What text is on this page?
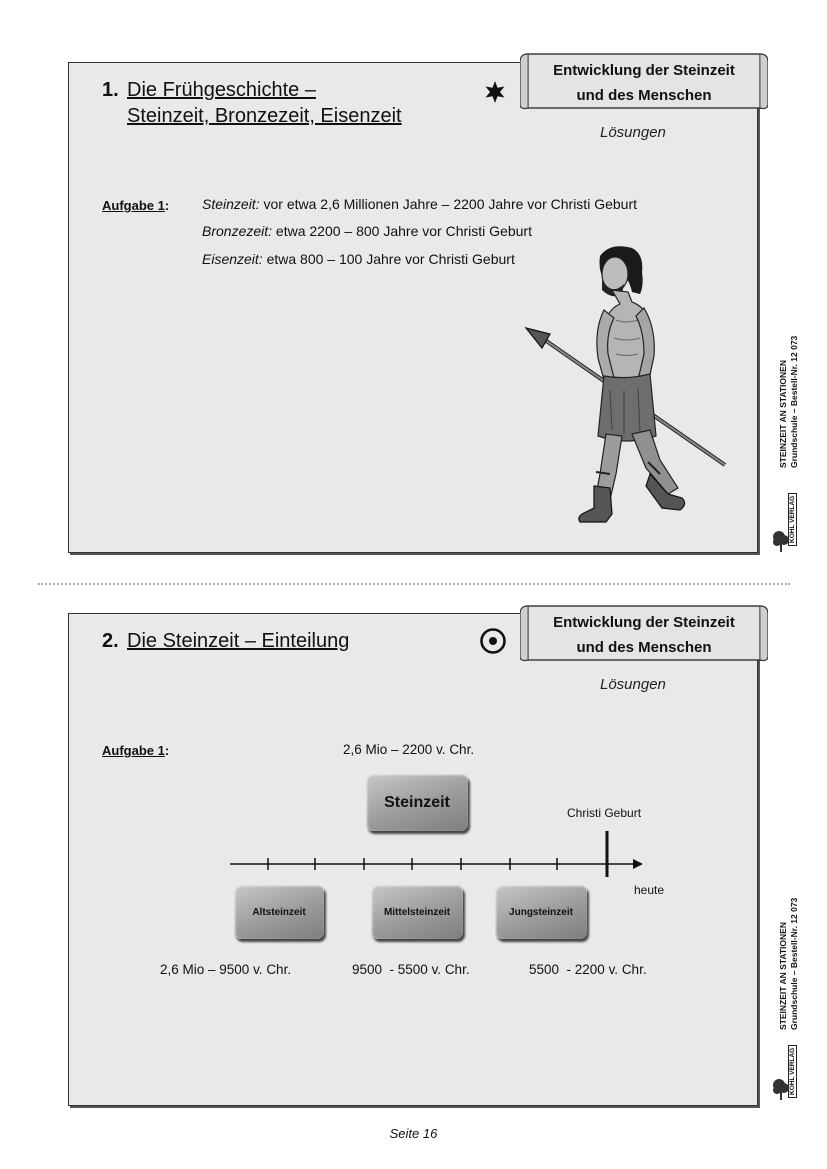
Entwicklung der Steinzeit
und des Menschen
Lösungen
1. Die Frühgeschichte –
Steinzeit, Bronzezeit, Eisenzeit
Aufgabe 1: Steinzeit: vor etwa 2,6 Millionen Jahre – 2200 Jahre vor Christi Geburt
Bronzezeit: etwa 2200 – 800 Jahre vor Christi Geburt
Eisenzeit: etwa 800 – 100 Jahre vor Christi Geburt
STEINZEIT AN STATIONEN Grundschule – Bestell-Nr. 12 073
KOHL VERLAG
Entwicklung der Steinzeit
und des Menschen
Lösungen
2. Die Steinzeit – Einteilung
Aufgabe 1:	2,6 Mio – 2200 v. Chr.
Steinzeit
Christi Geburt
heute
Altsteinzeit	Mittelsteinzeit	Jungsteinzeit
2,6 Mio – 9500 v. Chr.	9500  - 5500 v. Chr.	5500  - 2200 v. Chr.	STEINZEIT AN STATIONEN Grundschule – Bestell-Nr. 12 073
KOHL VERLAG
Seite 16
